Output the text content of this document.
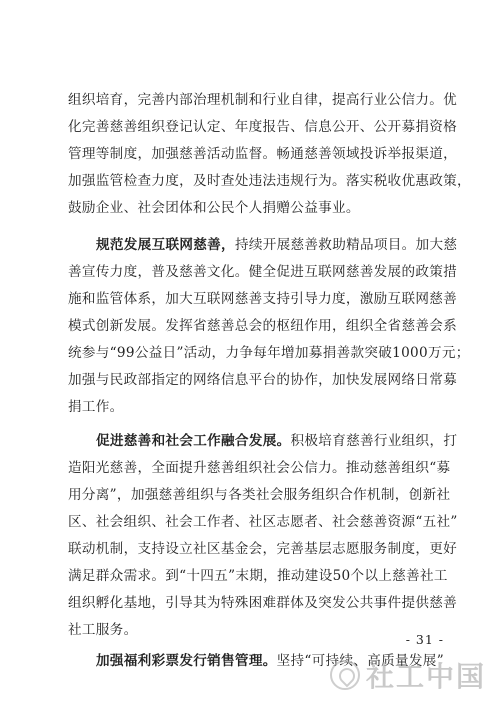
组织培育，完善内部治理机制和行业自律，提高行业公信力。优
化完善慈善组织登记认定、年度报告、信息公开、公开募捐资格
管理等制度，加强慈善活动监督。畅通慈善领域投诉举报渠道，
加强监管检查力度，及时查处违法违规行为。落实税收优惠政策，
鼓励企业、社会团体和公民个人捐赠公益事业。
规范发展互联网慈善，持续开展慈善救助精品项目。加大慈
善宣传力度，普及慈善文化。健全促进互联网慈善发展的政策措
施和监管体系，加大互联网慈善支持引导力度，激励互联网慈善
模式创新发展。发挥省慈善总会的枢纽作用，组织全省慈善会系
统参与“99公益日”活动，力争每年增加募捐善款突破1000万元；
加强与民政部指定的网络信息平台的协作，加快发展网络日常募
捐工作。
促进慈善和社会工作融合发展。积极培育慈善行业组织，打
造阳光慈善，全面提升慈善组织社会公信力。推动慈善组织“募
用分离”，加强慈善组织与各类社会服务组织合作机制，创新社
区、社会组织、社会工作者、社区志愿者、社会慈善资源“五社”
联动机制，支持设立社区基金会，完善基层志愿服务制度，更好
满足群众需求。到“十四五”末期，推动建设50个以上慈善社工
组织孵化基地，引导其为特殊困难群体及突发公共事件提供慈善
社工服务。
加强福利彩票发行销售管理。坚持“可持续、高质量发展”
- 31 -
社工中国
